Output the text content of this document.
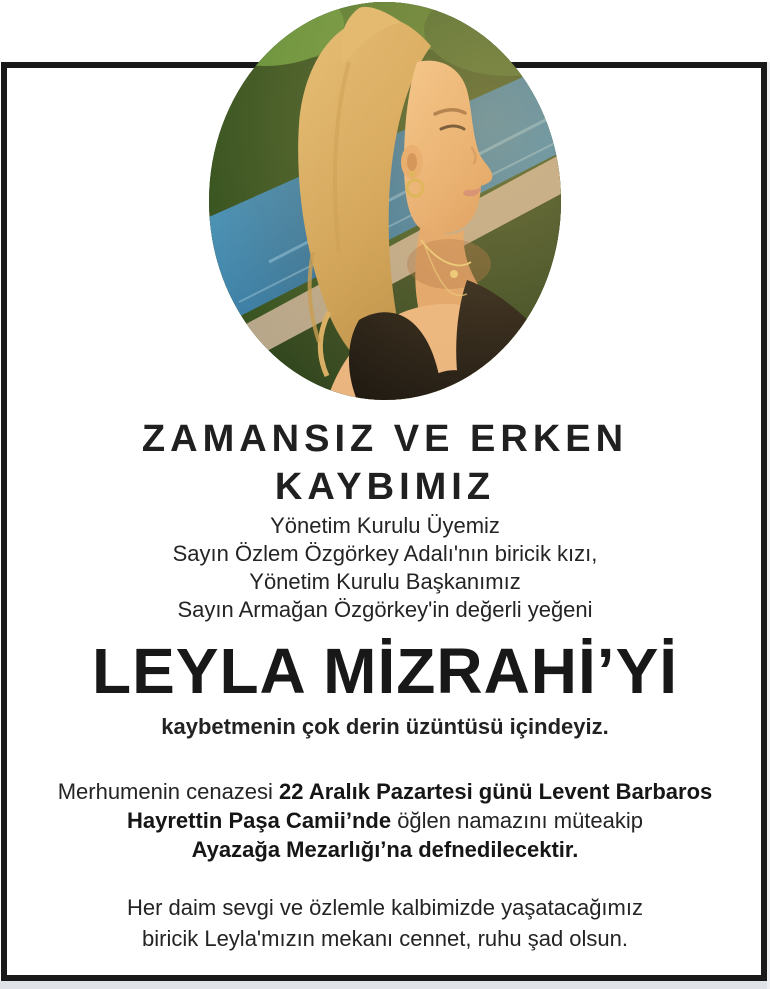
ZAMANSIZ VE ERKEN
KAYBIMIZ
Yönetim Kurulu Üyemiz
Sayın Özlem Özgörkey Adalı'nın biricik kızı,
Yönetim Kurulu Başkanımız
Sayın Armağan Özgörkey'in değerli yeğeni
LEYLA MİZRAHİ’Yİ
kaybetmenin çok derin üzüntüsü içindeyiz.
Merhumenin cenazesi 22 Aralık Pazartesi günü Levent Barbaros
Hayrettin Paşa Camii’nde öğlen namazını müteakip
Ayazağa Mezarlığı’na defnedilecektir.
Her daim sevgi ve özlemle kalbimizde yaşatacağımız
biricik Leyla'mızın mekanı cennet, ruhu şad olsun.
